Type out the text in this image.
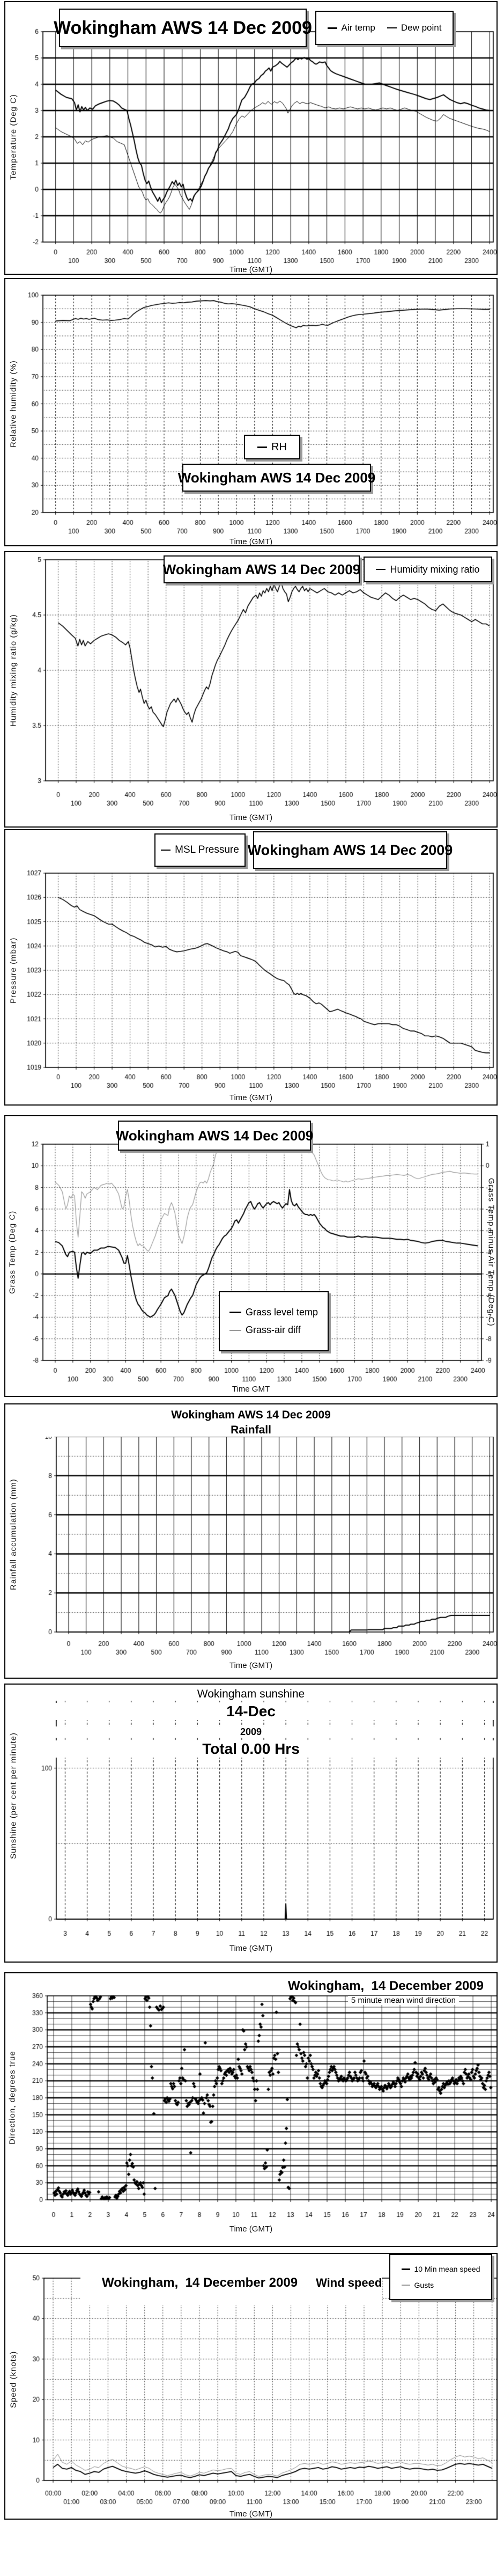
Wokingham AWS 14 Dec 2009	Air temp	Dew point
Temperature (Deg C)
Time (GMT)
RH
Wokingham AWS 14 Dec 2009
Relative humidity (%)
Time (GMT)
Wokingham AWS 14 Dec 2009	Humidity mixing ratio
Humidity mixing ratio (g/kg)
Time (GMT)
MSL Pressure Wokingham AWS 14 Dec 2009
Pressure (mbar)
Time (GMT)
Wokingham AWS 14 Dec 2009
Grass level temp
Grass-air diff
Grass Temp (Deg C)	Grass Temp minus Air Temp (Deg C)
Time GMT
Wokingham AWS 14 Dec 2009
Rainfall
Rainfall accumulation (mm)
Time (GMT)
Wokingham sunshine
14-Dec
2009
Total 0.00 Hrs
Sunshine (per cent per minute)
Time (GMT)
Wokingham,  14 December 2009
5 minute mean wind direction
Direction, degrees true
Time (GMT)

Wokingham,  14 December 2009 Wind speed

10 Min mean speed
Gusts
Speed (knots)
Time (GMT)
